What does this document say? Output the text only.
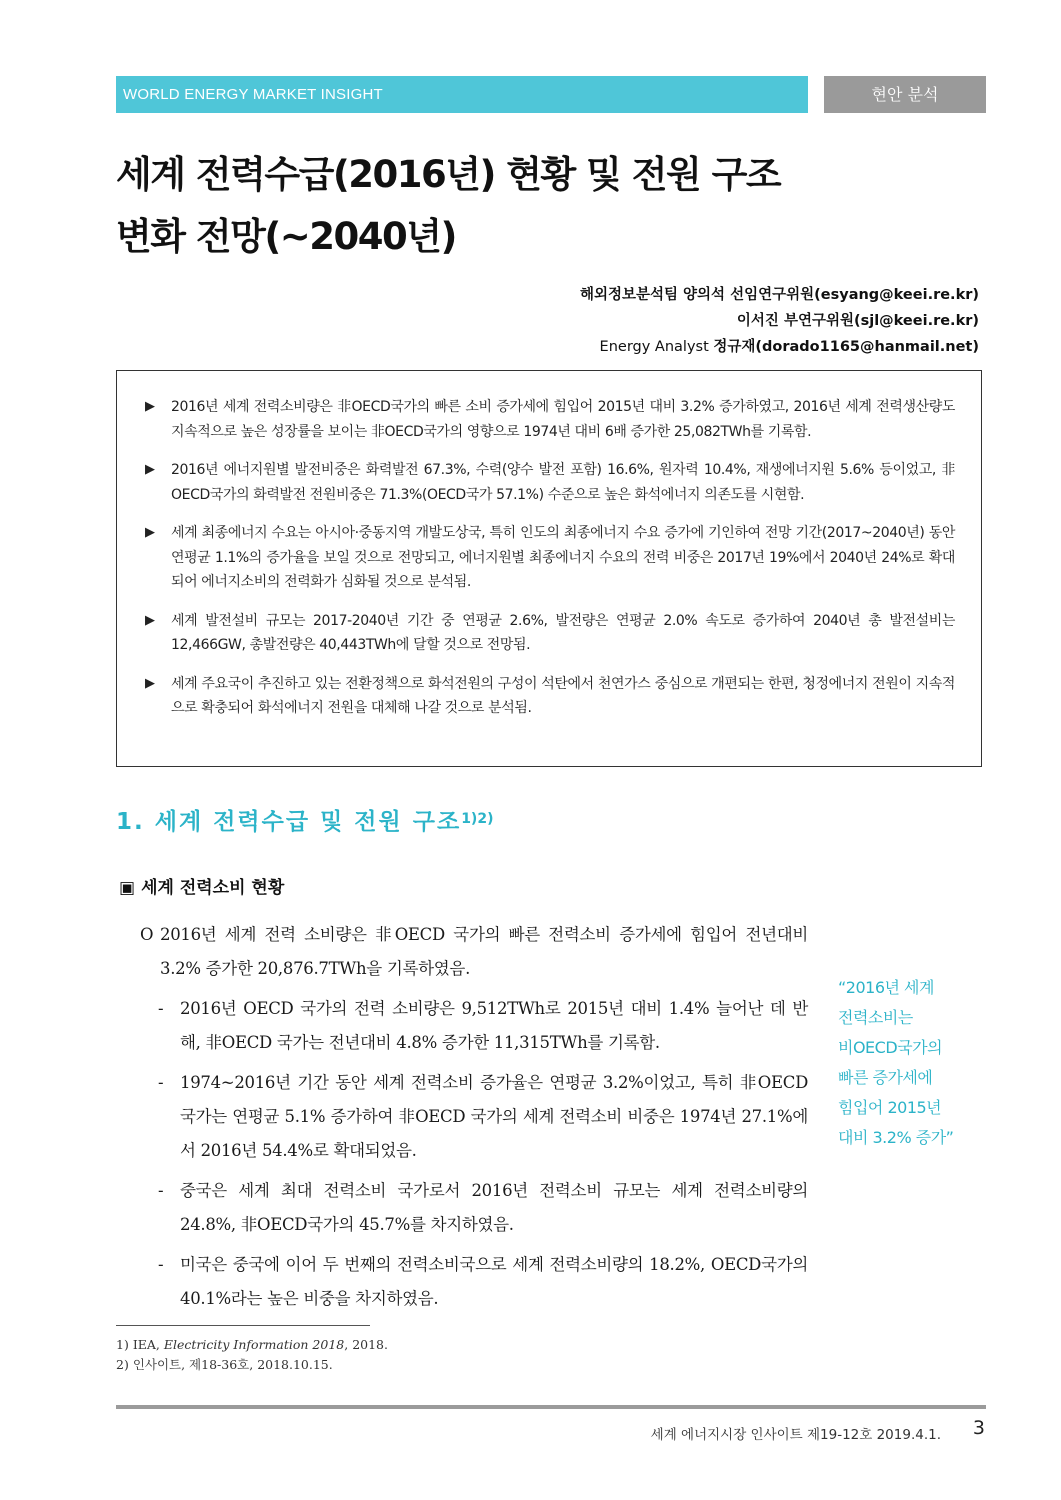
WORLD ENERGY MARKET INSIGHT	현안 분석
세계 전력수급(2016년) 현황 및 전원 구조
변화 전망(~2040년)
해외정보분석팀 양의석 선임연구위원(esyang@keei.re.kr)
이서진 부연구위원(sjl@keei.re.kr)
Energy Analyst 정규재(dorado1165@hanmail.net)
▶ 2016년 세계 전력소비량은 非OECD국가의 빠른 소비 증가세에 힘입어 2015년 대비 3.2% 증가하였고, 2016년 세계 전력생산량도 지속적으로 높은 성장률을 보이는 非OECD국가의 영향으로 1974년 대비 6배 증가한 25,082TWh를 기록함.
▶ 2016년 에너지원별 발전비중은 화력발전 67.3%, 수력(양수 발전 포함) 16.6%, 원자력 10.4%, 재생에너지원 5.6% 등이었고, 非OECD국가의 화력발전 전원비중은 71.3%(OECD국가 57.1%) 수준으로 높은 화석에너지 의존도를 시현함.
▶ 세계 최종에너지 수요는 아시아·중동지역 개발도상국, 특히 인도의 최종에너지 수요 증가에 기인하여 전망 기간(2017~2040년) 동안 연평균 1.1%의 증가율을 보일 것으로 전망되고, 에너지원별 최종에너지 수요의 전력 비중은 2017년 19%에서 2040년 24%로 확대되어 에너지소비의 전력화가 심화될 것으로 분석됨.
▶ 세계 발전설비 규모는 2017-2040년 기간 중 연평균 2.6%, 발전량은 연평균 2.0% 속도로 증가하여 2040년 총 발전설비는 12,466GW, 총발전량은 40,443TWh에 달할 것으로 전망됨.
▶ 세계 주요국이 추진하고 있는 전환정책으로 화석전원의 구성이 석탄에서 천연가스 중심으로 개편되는 한편, 청정에너지 전원이 지속적으로 확충되어 화석에너지 전원을 대체해 나갈 것으로 분석됨.
1. 세계 전력수급 및 전원 구조$^{1)2)}$
▣ 세계 전력소비 현황
O 2016년 세계 전력 소비량은 非OECD 국가의 빠른 전력소비 증가세에 힘입어 전년대비 3.2% 증가한 20,876.7TWh을 기록하였음.
- 2016년 OECD 국가의 전력 소비량은 9,512TWh로 2015년 대비 1.4% 늘어난 데 반해, 非OECD 국가는 전년대비 4.8% 증가한 11,315TWh를 기록함.
- 1974~2016년 기간 동안 세계 전력소비 증가율은 연평균 3.2%이었고, 특히 非OECD 국가는 연평균 5.1% 증가하여 非OECD 국가의 세계 전력소비 비중은 1974년 27.1%에서 2016년 54.4%로 확대되었음.
- 중국은 세계 최대 전력소비 국가로서 2016년 전력소비 규모는 세계 전력소비량의 24.8%, 非OECD국가의 45.7%를 차지하였음.
- 미국은 중국에 이어 두 번째의 전력소비국으로 세계 전력소비량의 18.2%, OECD국가의 40.1%라는 높은 비중을 차지하였음.
“2016년 세계
전력소비는
비OECD국가의
빠른 증가세에
힘입어 2015년
대비 3.2% 증가”
1) IEA, Electricity Information 2018, 2018.
2) 인사이트, 제18-36호, 2018.10.15.
세계 에너지시장 인사이트 제19-12호 2019.4.1. 3
